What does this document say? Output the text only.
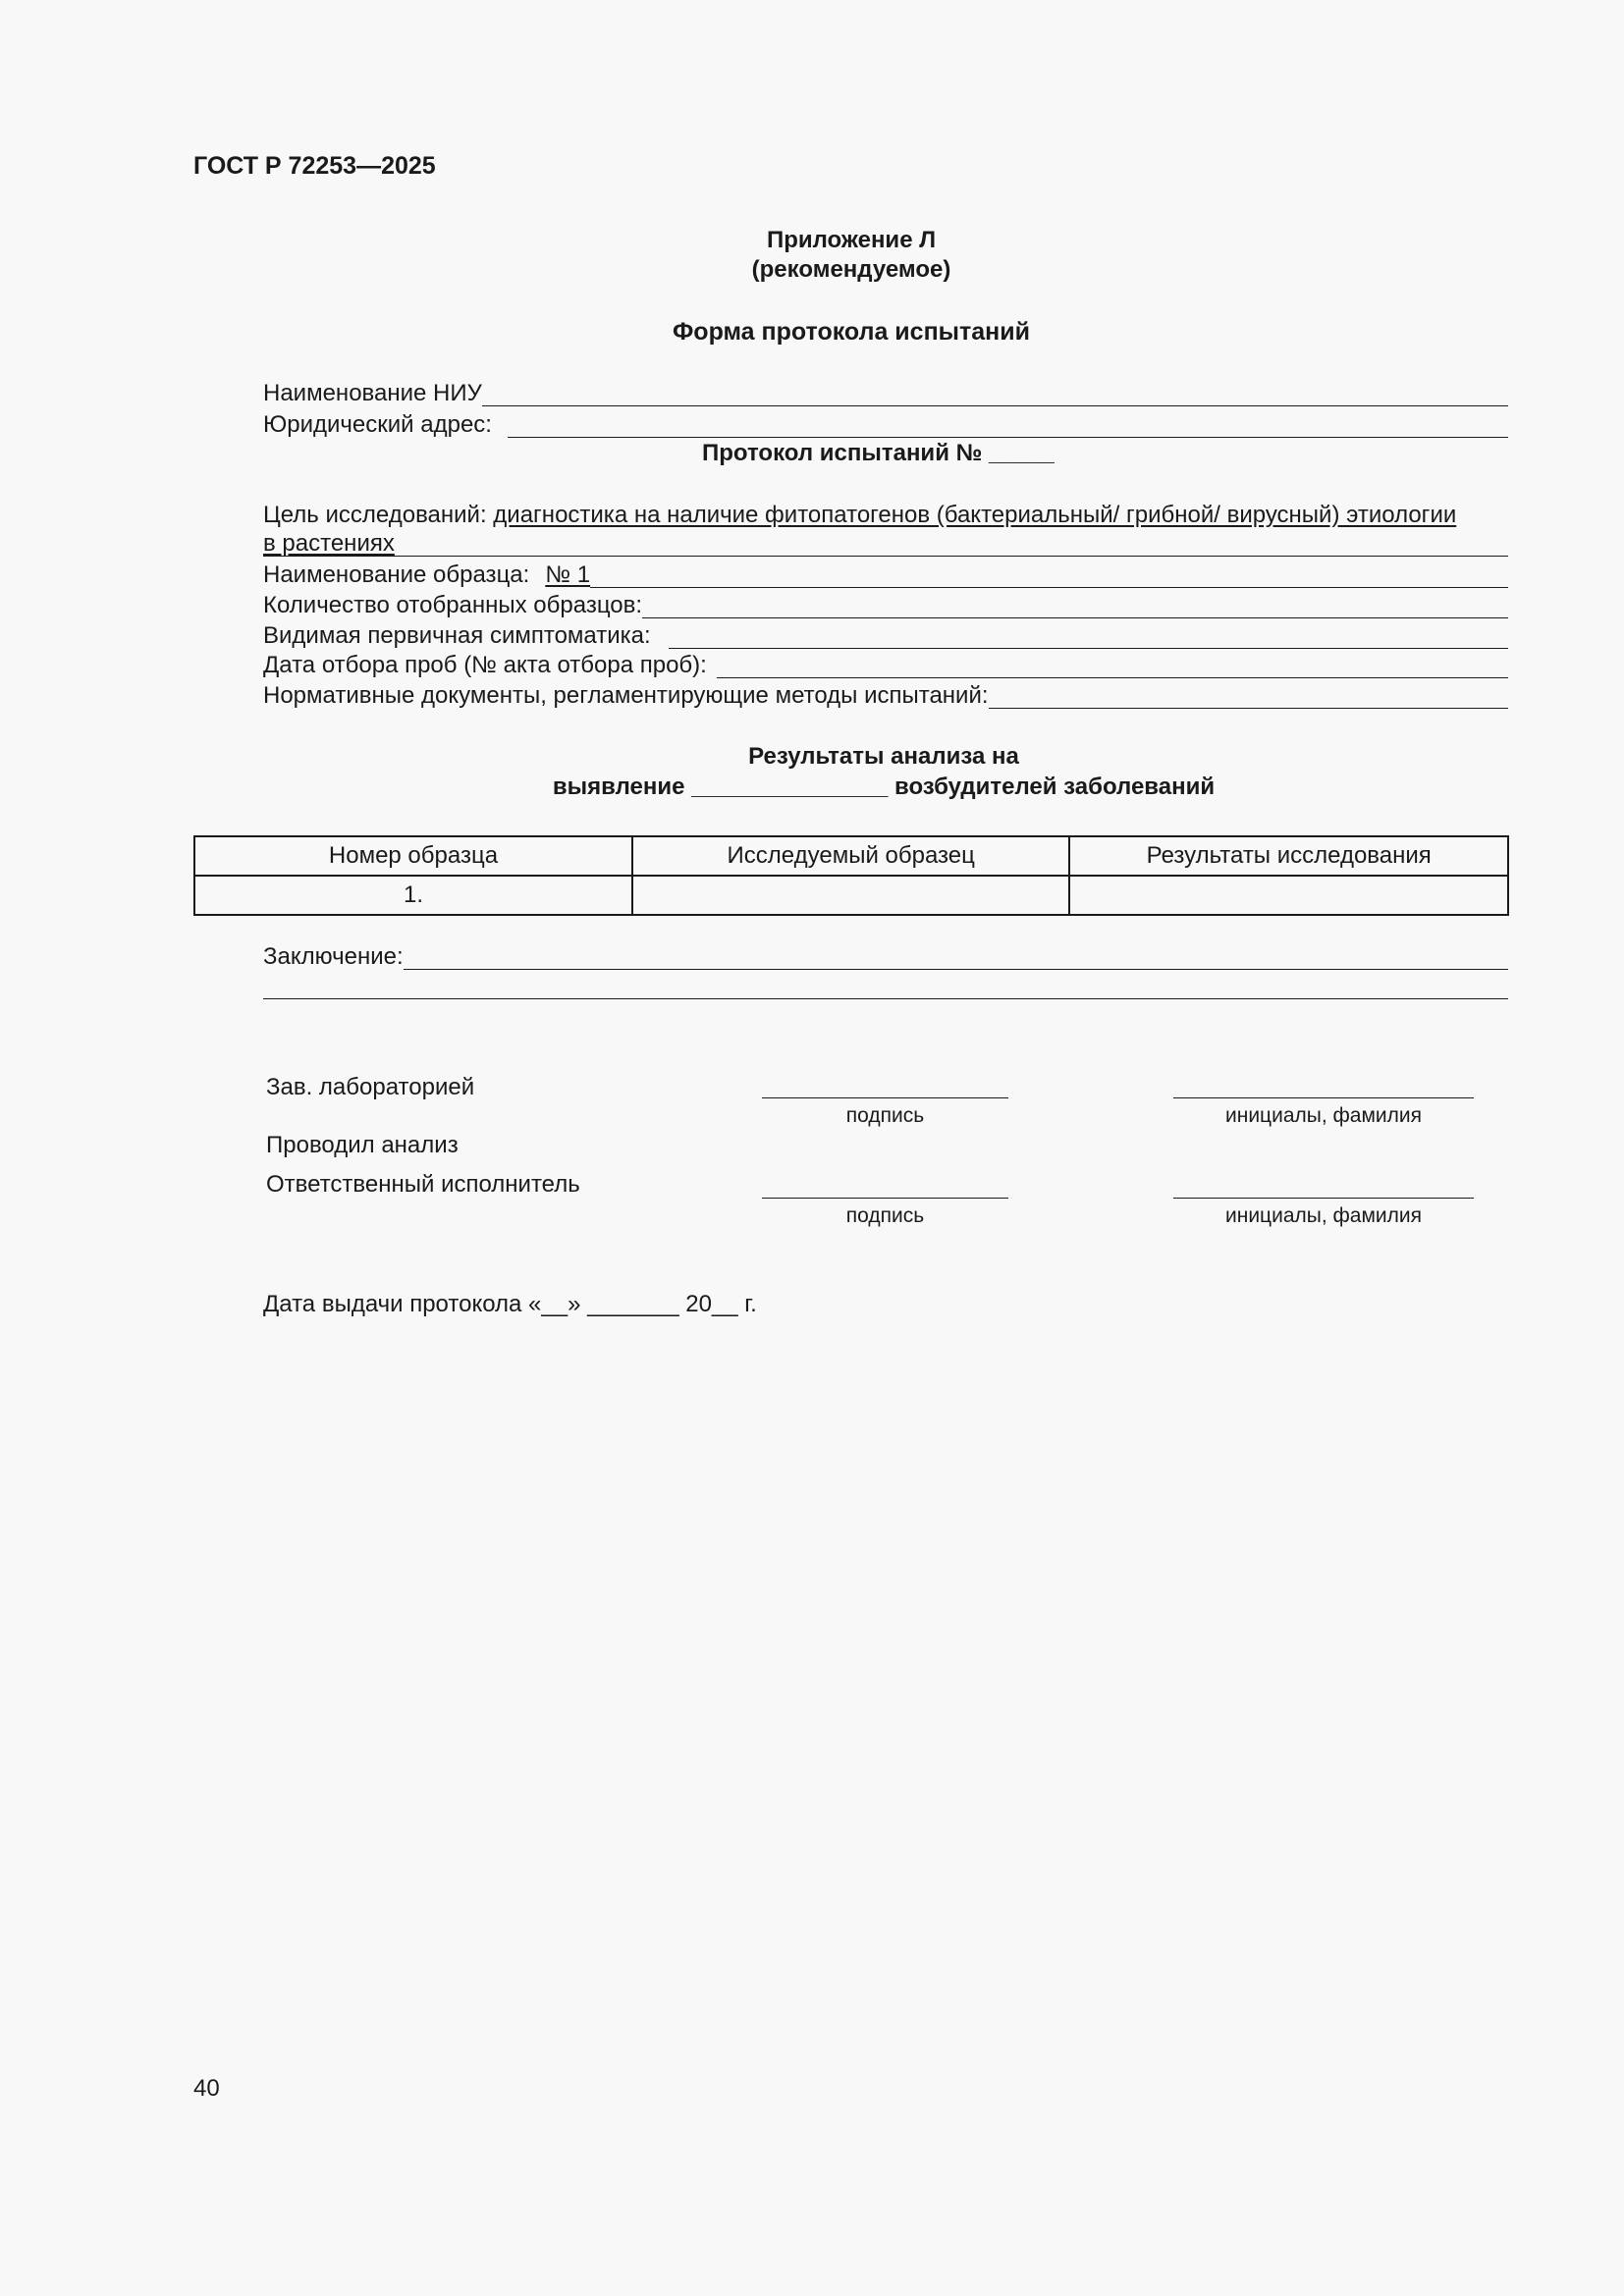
ГОСТ Р 72253—2025
Приложение Л
(рекомендуемое)
Форма протокола испытаний
Наименование НИУ
Юридический адрес:
Протокол испытаний № _____
Цель исследований: диагностика на наличие фитопатогенов (бактериальный/ грибной/ вирусный) этиологии
в растениях
Наименование образца: № 1
Количество отобранных образцов:
Видимая первичная симптоматика:
Дата отбора проб (№ акта отбора проб):
Нормативные документы, регламентирующие методы испытаний:
Результаты анализа на
выявление _______________ возбудителей заболеваний
Номер образца	Исследуемый образец	Результаты исследования
1.		
Заключение:
Зав. лабораторией
подпись	инициалы, фамилия
Проводил анализ
Ответственный исполнитель
подпись	инициалы, фамилия
Дата выдачи протокола «__» _______ 20__ г.
40
